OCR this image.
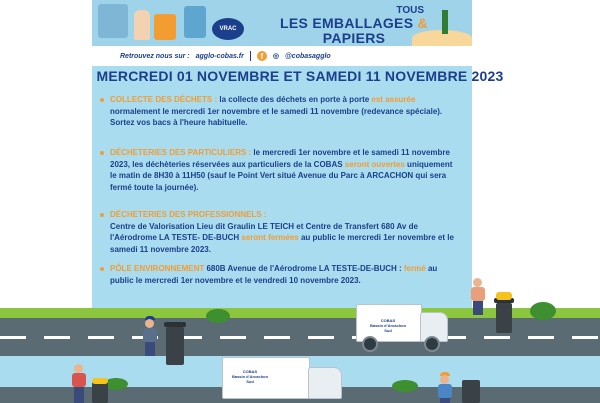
VRAC
TOUS
LES EMBALLAGES & PAPIERS
Retrouvez nous sur : agglo-cobas.fr	f	◎ @cobasagglo
MERCREDI 01 NOVEMBRE ET SAMEDI 11 NOVEMBRE 2023
COLLECTE DES DÉCHETS : la collecte des déchets en porte à porte est assurée normalement le mercredi 1er novembre et le samedi 11 novembre (redevance spéciale). Sortez vos bacs à l'heure habituelle.
DÉCHETERIES DES PARTICULIERS : le mercredi 1er novembre et le samedi 11 novembre 2023, les déchèteries réservées aux particuliers de la COBAS seront ouvertes uniquement le matin de 8H30 à 11H50 (sauf le Point Vert situé Avenue du Parc à ARCACHON qui sera fermé toute la journée).
DÉCHETERIES DES PROFESSIONNELS :
Centre de Valorisation Lieu dit Graulin LE TEICH et Centre de Transfert 680 Av de l'Aérodrome LA TESTE- DE-BUCH seront fermées au public le mercredi 1er novembre et le samedi 11 novembre 2023.
PÔLE ENVIRONNEMENT 680B Avenue de l'Aérodrome LA TESTE-DE-BUCH : fermé au public le mercredi 1er novembre et le vendredi 10 novembre 2023.
COBAS
Bassin d'Arcachon Sud
COBAS
Bassin d'Arcachon Sud
